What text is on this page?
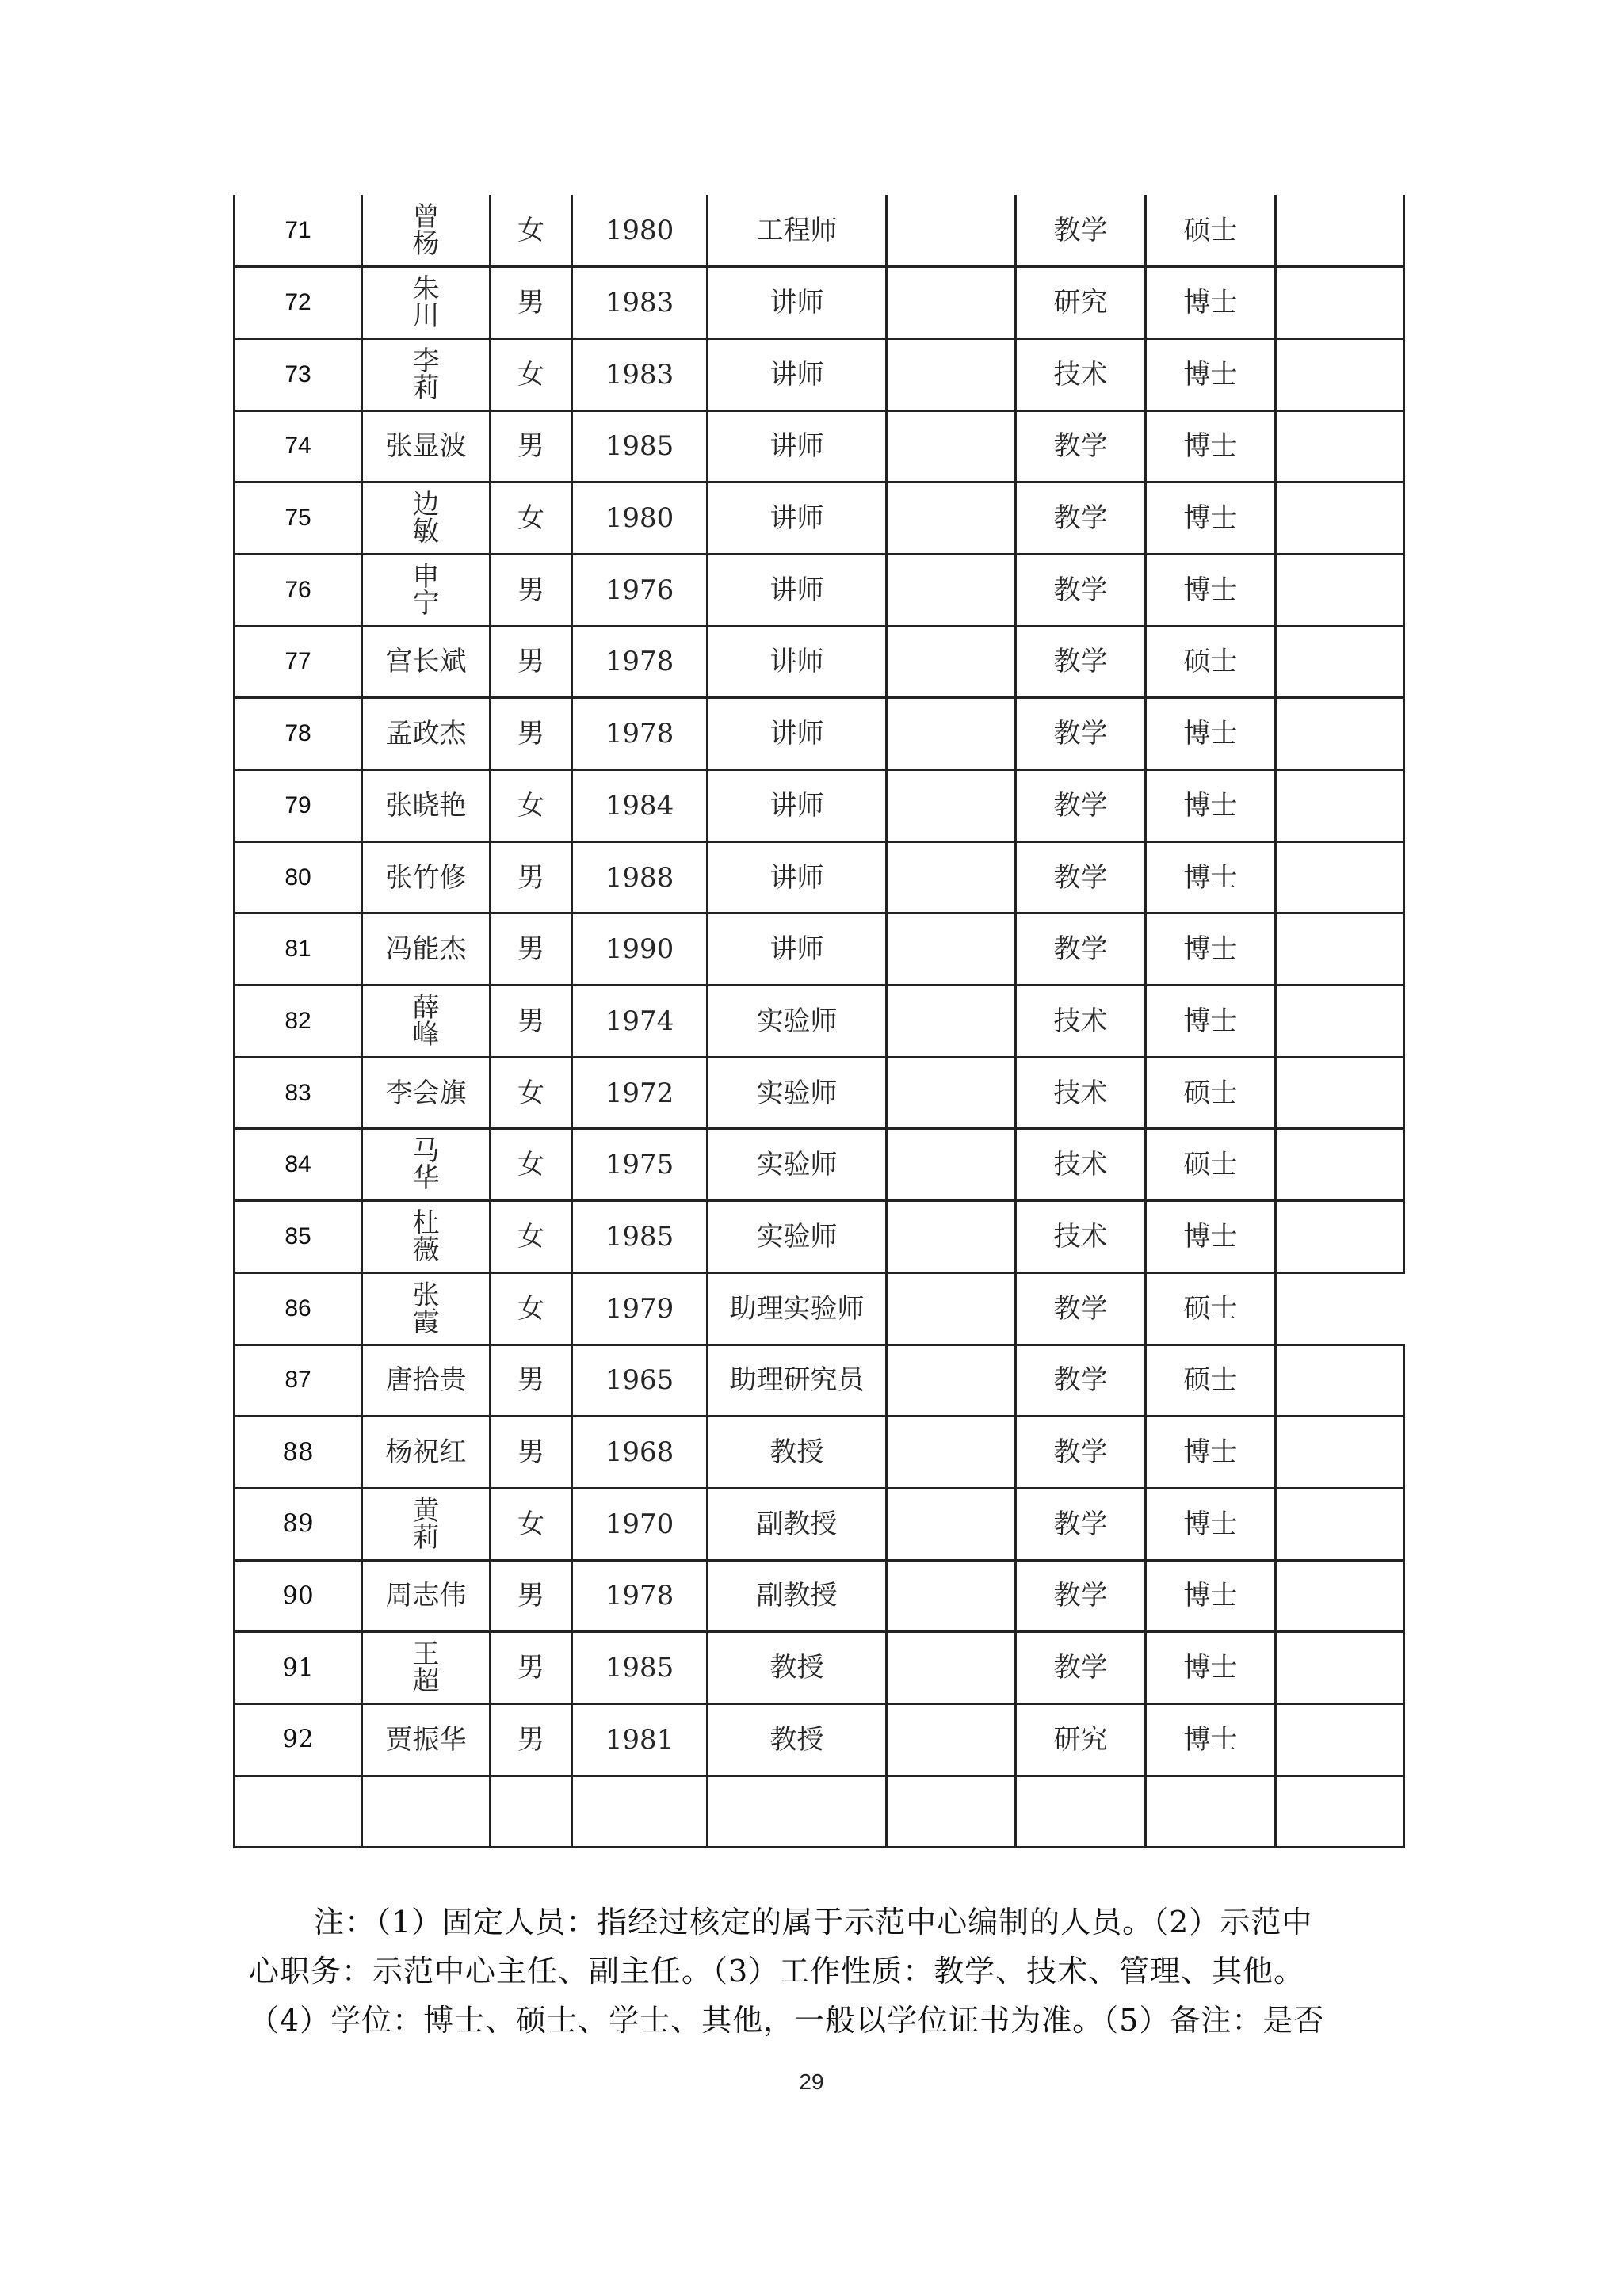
71	曾杨	女	1980	工程师		教学	硕士	
72	朱川	男	1983	讲师		研究	博士	
73	李莉	女	1983	讲师		技术	博士	
74	张显波	男	1985	讲师		教学	博士	
75	边敏	女	1980	讲师		教学	博士	
76	申宁	男	1976	讲师		教学	博士	
77	宫长斌	男	1978	讲师		教学	硕士	
78	孟政杰	男	1978	讲师		教学	博士	
79	张晓艳	女	1984	讲师		教学	博士	
80	张竹修	男	1988	讲师		教学	博士	
81	冯能杰	男	1990	讲师		教学	博士	
82	薛峰	男	1974	实验师		技术	博士	
83	李会旗	女	1972	实验师		技术	硕士	
84	马华	女	1975	实验师		技术	硕士	
85	杜薇	女	1985	实验师		技术	博士	
86	张霞	女	1979	助理实验师		教学	硕士	
87	唐拾贵	男	1965	助理研究员		教学	硕士	
88	杨祝红	男	1968	教授		教学	博士	
89	黄莉	女	1970	副教授		教学	博士	
90	周志伟	男	1978	副教授		教学	博士	
91	王超	男	1985	教授		教学	博士	
92	贾振华	男	1981	教授		研究	博士	

注：（1）固定人员：指经过核定的属于示范中心编制的人员。（2）示范中

心职务：示范中心主任、副主任。（3）工作性质：教学、技术、管理、其他。

（4）学位：博士、硕士、学士、其他，一般以学位证书为准。（5）备注：是否

29
